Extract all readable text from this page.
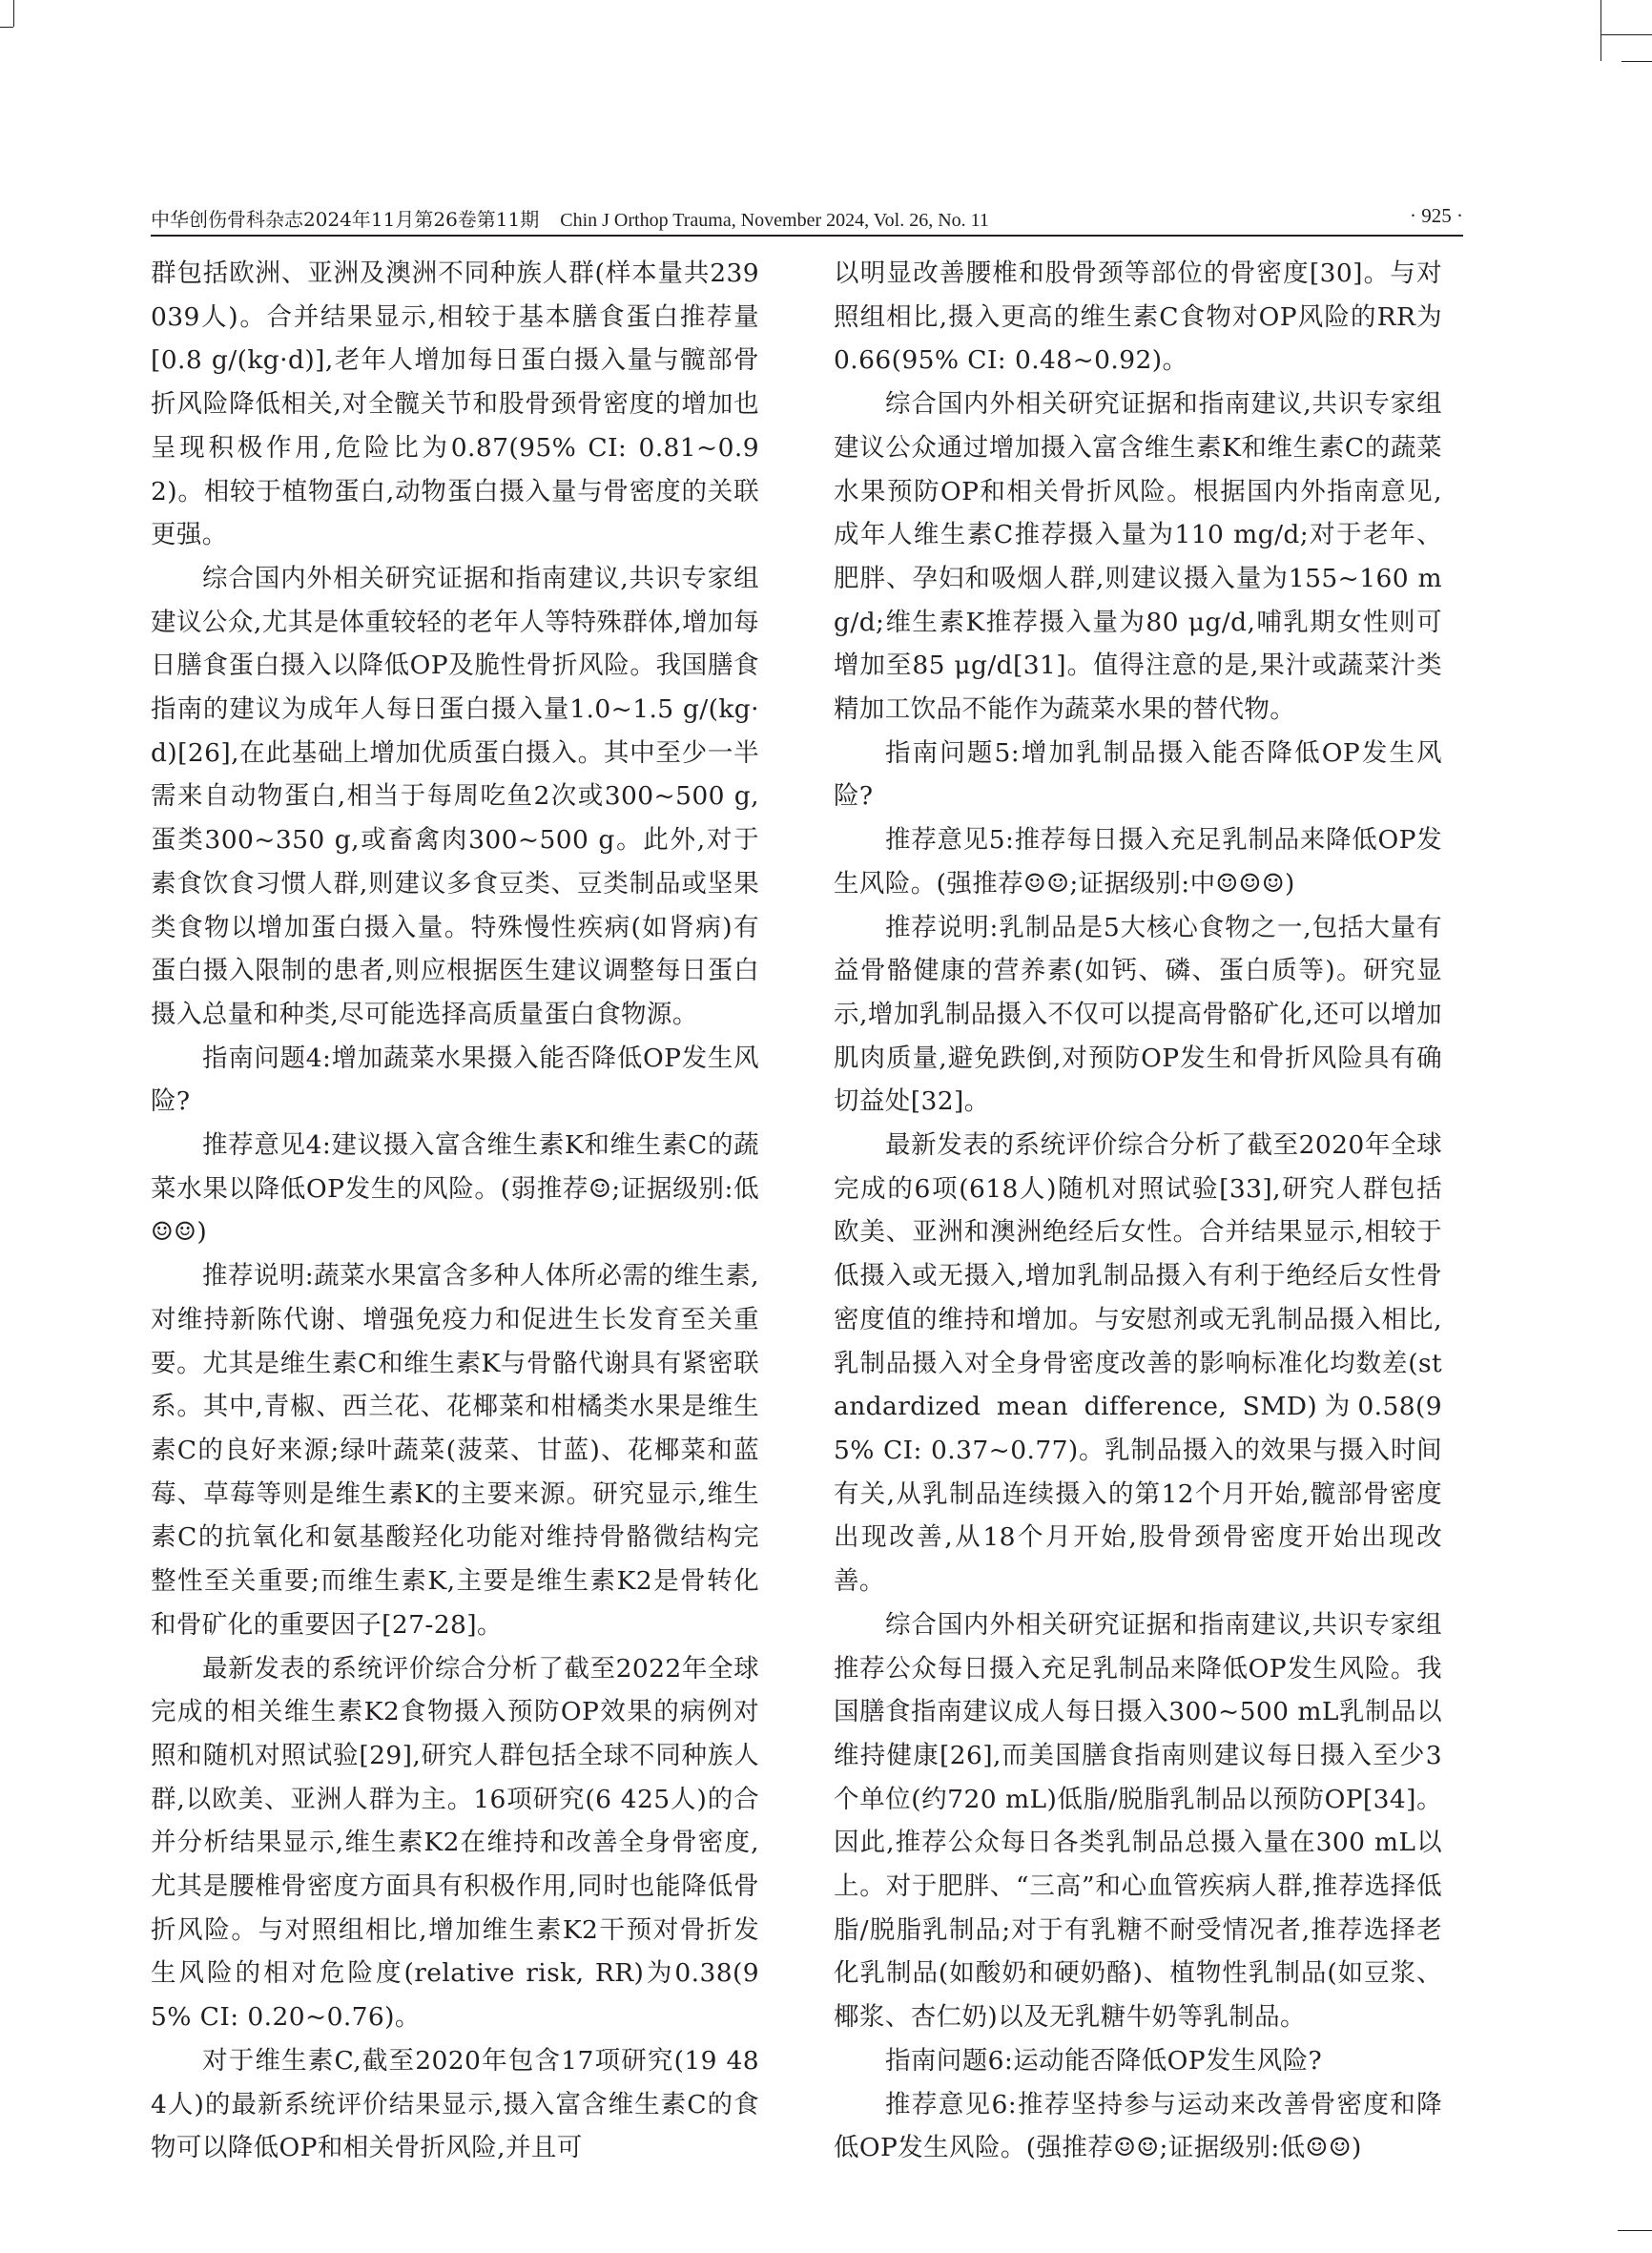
中华创伤骨科杂志2024年11月第26卷第11期 Chin J Orthop Trauma, November 2024, Vol. 26, No. 11	· 925 ·

群包括欧洲、亚洲及澳洲不同种族人群(样本量共239 039人)。合并结果显示,相较于基本膳食蛋白推荐量[0.8 g/(kg·d)],老年人增加每日蛋白摄入量与髋部骨折风险降低相关,对全髋关节和股骨颈骨密度的增加也呈现积极作用,危险比为0.87(95% CI: 0.81~0.92)。相较于植物蛋白,动物蛋白摄入量与骨密度的关联更强。

综合国内外相关研究证据和指南建议,共识专家组建议公众,尤其是体重较轻的老年人等特殊群体,增加每日膳食蛋白摄入以降低OP及脆性骨折风险。我国膳食指南的建议为成年人每日蛋白摄入量1.0~1.5 g/(kg·d)[26],在此基础上增加优质蛋白摄入。其中至少一半需来自动物蛋白,相当于每周吃鱼2次或300~500 g,蛋类300~350 g,或畜禽肉300~500 g。此外,对于素食饮食习惯人群,则建议多食豆类、豆类制品或坚果类食物以增加蛋白摄入量。特殊慢性疾病(如肾病)有蛋白摄入限制的患者,则应根据医生建议调整每日蛋白摄入总量和种类,尽可能选择高质量蛋白食物源。

指南问题4:增加蔬菜水果摄入能否降低OP发生风险?

推荐意见4:建议摄入富含维生素K和维生素C的蔬菜水果以降低OP发生的风险。(弱推荐☺;证据级别:低☺☺)

推荐说明:蔬菜水果富含多种人体所必需的维生素,对维持新陈代谢、增强免疫力和促进生长发育至关重要。尤其是维生素C和维生素K与骨骼代谢具有紧密联系。其中,青椒、西兰花、花椰菜和柑橘类水果是维生素C的良好来源;绿叶蔬菜(菠菜、甘蓝)、花椰菜和蓝莓、草莓等则是维生素K的主要来源。研究显示,维生素C的抗氧化和氨基酸羟化功能对维持骨骼微结构完整性至关重要;而维生素K,主要是维生素K2是骨转化和骨矿化的重要因子[27-28]。

最新发表的系统评价综合分析了截至2022年全球完成的相关维生素K2食物摄入预防OP效果的病例对照和随机对照试验[29],研究人群包括全球不同种族人群,以欧美、亚洲人群为主。16项研究(6 425人)的合并分析结果显示,维生素K2在维持和改善全身骨密度,尤其是腰椎骨密度方面具有积极作用,同时也能降低骨折风险。与对照组相比,增加维生素K2干预对骨折发生风险的相对危险度(relative risk, RR)为0.38(95% CI: 0.20~0.76)。

对于维生素C,截至2020年包含17项研究(19 484人)的最新系统评价结果显示,摄入富含维生素C的食物可以降低OP和相关骨折风险,并且可

以明显改善腰椎和股骨颈等部位的骨密度[30]。与对照组相比,摄入更高的维生素C食物对OP风险的RR为0.66(95% CI: 0.48~0.92)。

综合国内外相关研究证据和指南建议,共识专家组建议公众通过增加摄入富含维生素K和维生素C的蔬菜水果预防OP和相关骨折风险。根据国内外指南意见,成年人维生素C推荐摄入量为110 mg/d;对于老年、肥胖、孕妇和吸烟人群,则建议摄入量为155~160 mg/d;维生素K推荐摄入量为80 μg/d,哺乳期女性则可增加至85 μg/d[31]。值得注意的是,果汁或蔬菜汁类精加工饮品不能作为蔬菜水果的替代物。

指南问题5:增加乳制品摄入能否降低OP发生风险?

推荐意见5:推荐每日摄入充足乳制品来降低OP发生风险。(强推荐☺☺;证据级别:中☺☺☺)

推荐说明:乳制品是5大核心食物之一,包括大量有益骨骼健康的营养素(如钙、磷、蛋白质等)。研究显示,增加乳制品摄入不仅可以提高骨骼矿化,还可以增加肌肉质量,避免跌倒,对预防OP发生和骨折风险具有确切益处[32]。

最新发表的系统评价综合分析了截至2020年全球完成的6项(618人)随机对照试验[33],研究人群包括欧美、亚洲和澳洲绝经后女性。合并结果显示,相较于低摄入或无摄入,增加乳制品摄入有利于绝经后女性骨密度值的维持和增加。与安慰剂或无乳制品摄入相比,乳制品摄入对全身骨密度改善的影响标准化均数差(standardized mean difference, SMD)为0.58(95% CI: 0.37~0.77)。乳制品摄入的效果与摄入时间有关,从乳制品连续摄入的第12个月开始,髋部骨密度出现改善,从18个月开始,股骨颈骨密度开始出现改善。

综合国内外相关研究证据和指南建议,共识专家组推荐公众每日摄入充足乳制品来降低OP发生风险。我国膳食指南建议成人每日摄入300~500 mL乳制品以维持健康[26],而美国膳食指南则建议每日摄入至少3个单位(约720 mL)低脂/脱脂乳制品以预防OP[34]。因此,推荐公众每日各类乳制品总摄入量在300 mL以上。对于肥胖、“三高”和心血管疾病人群,推荐选择低脂/脱脂乳制品;对于有乳糖不耐受情况者,推荐选择老化乳制品(如酸奶和硬奶酪)、植物性乳制品(如豆浆、椰浆、杏仁奶)以及无乳糖牛奶等乳制品。

指南问题6:运动能否降低OP发生风险?

推荐意见6:推荐坚持参与运动来改善骨密度和降低OP发生风险。(强推荐☺☺;证据级别:低☺☺)
